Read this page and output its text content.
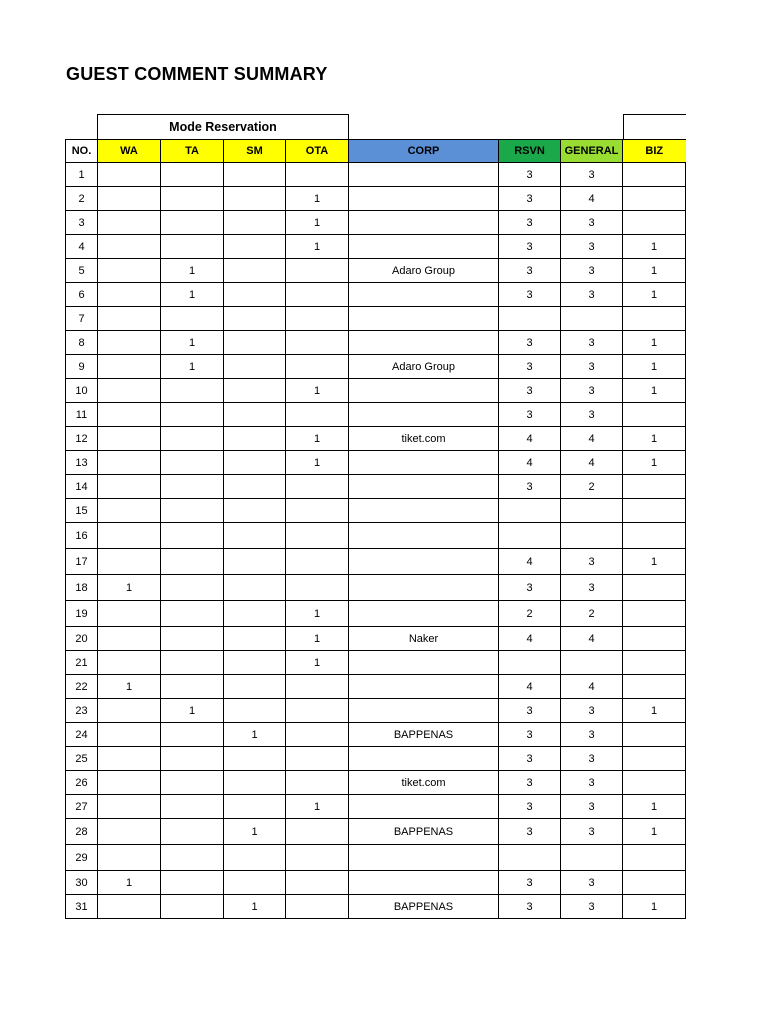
GUEST COMMENT SUMMARY
Mode Reservation
NO.	WA	TA	SM	OTA	CORP	RSVN	GENERAL	BIZ
1						3	3	
2				1		3	4	
3				1		3	3	
4				1		3	3	1
5		1			Adaro Group	3	3	1
6		1				3	3	1
7								
8		1				3	3	1
9		1			Adaro Group	3	3	1
10				1		3	3	1
11						3	3	
12				1	tiket.com	4	4	1
13				1		4	4	1
14						3	2	
15								
16								
17						4	3	1
18	1					3	3	
19				1		2	2	
20				1	Naker	4	4	
21				1				
22	1					4	4	
23		1				3	3	1
24			1		BAPPENAS	3	3	
25						3	3	
26					tiket.com	3	3	
27				1		3	3	1
28			1		BAPPENAS	3	3	1
29								
30	1					3	3	
31			1		BAPPENAS	3	3	1
